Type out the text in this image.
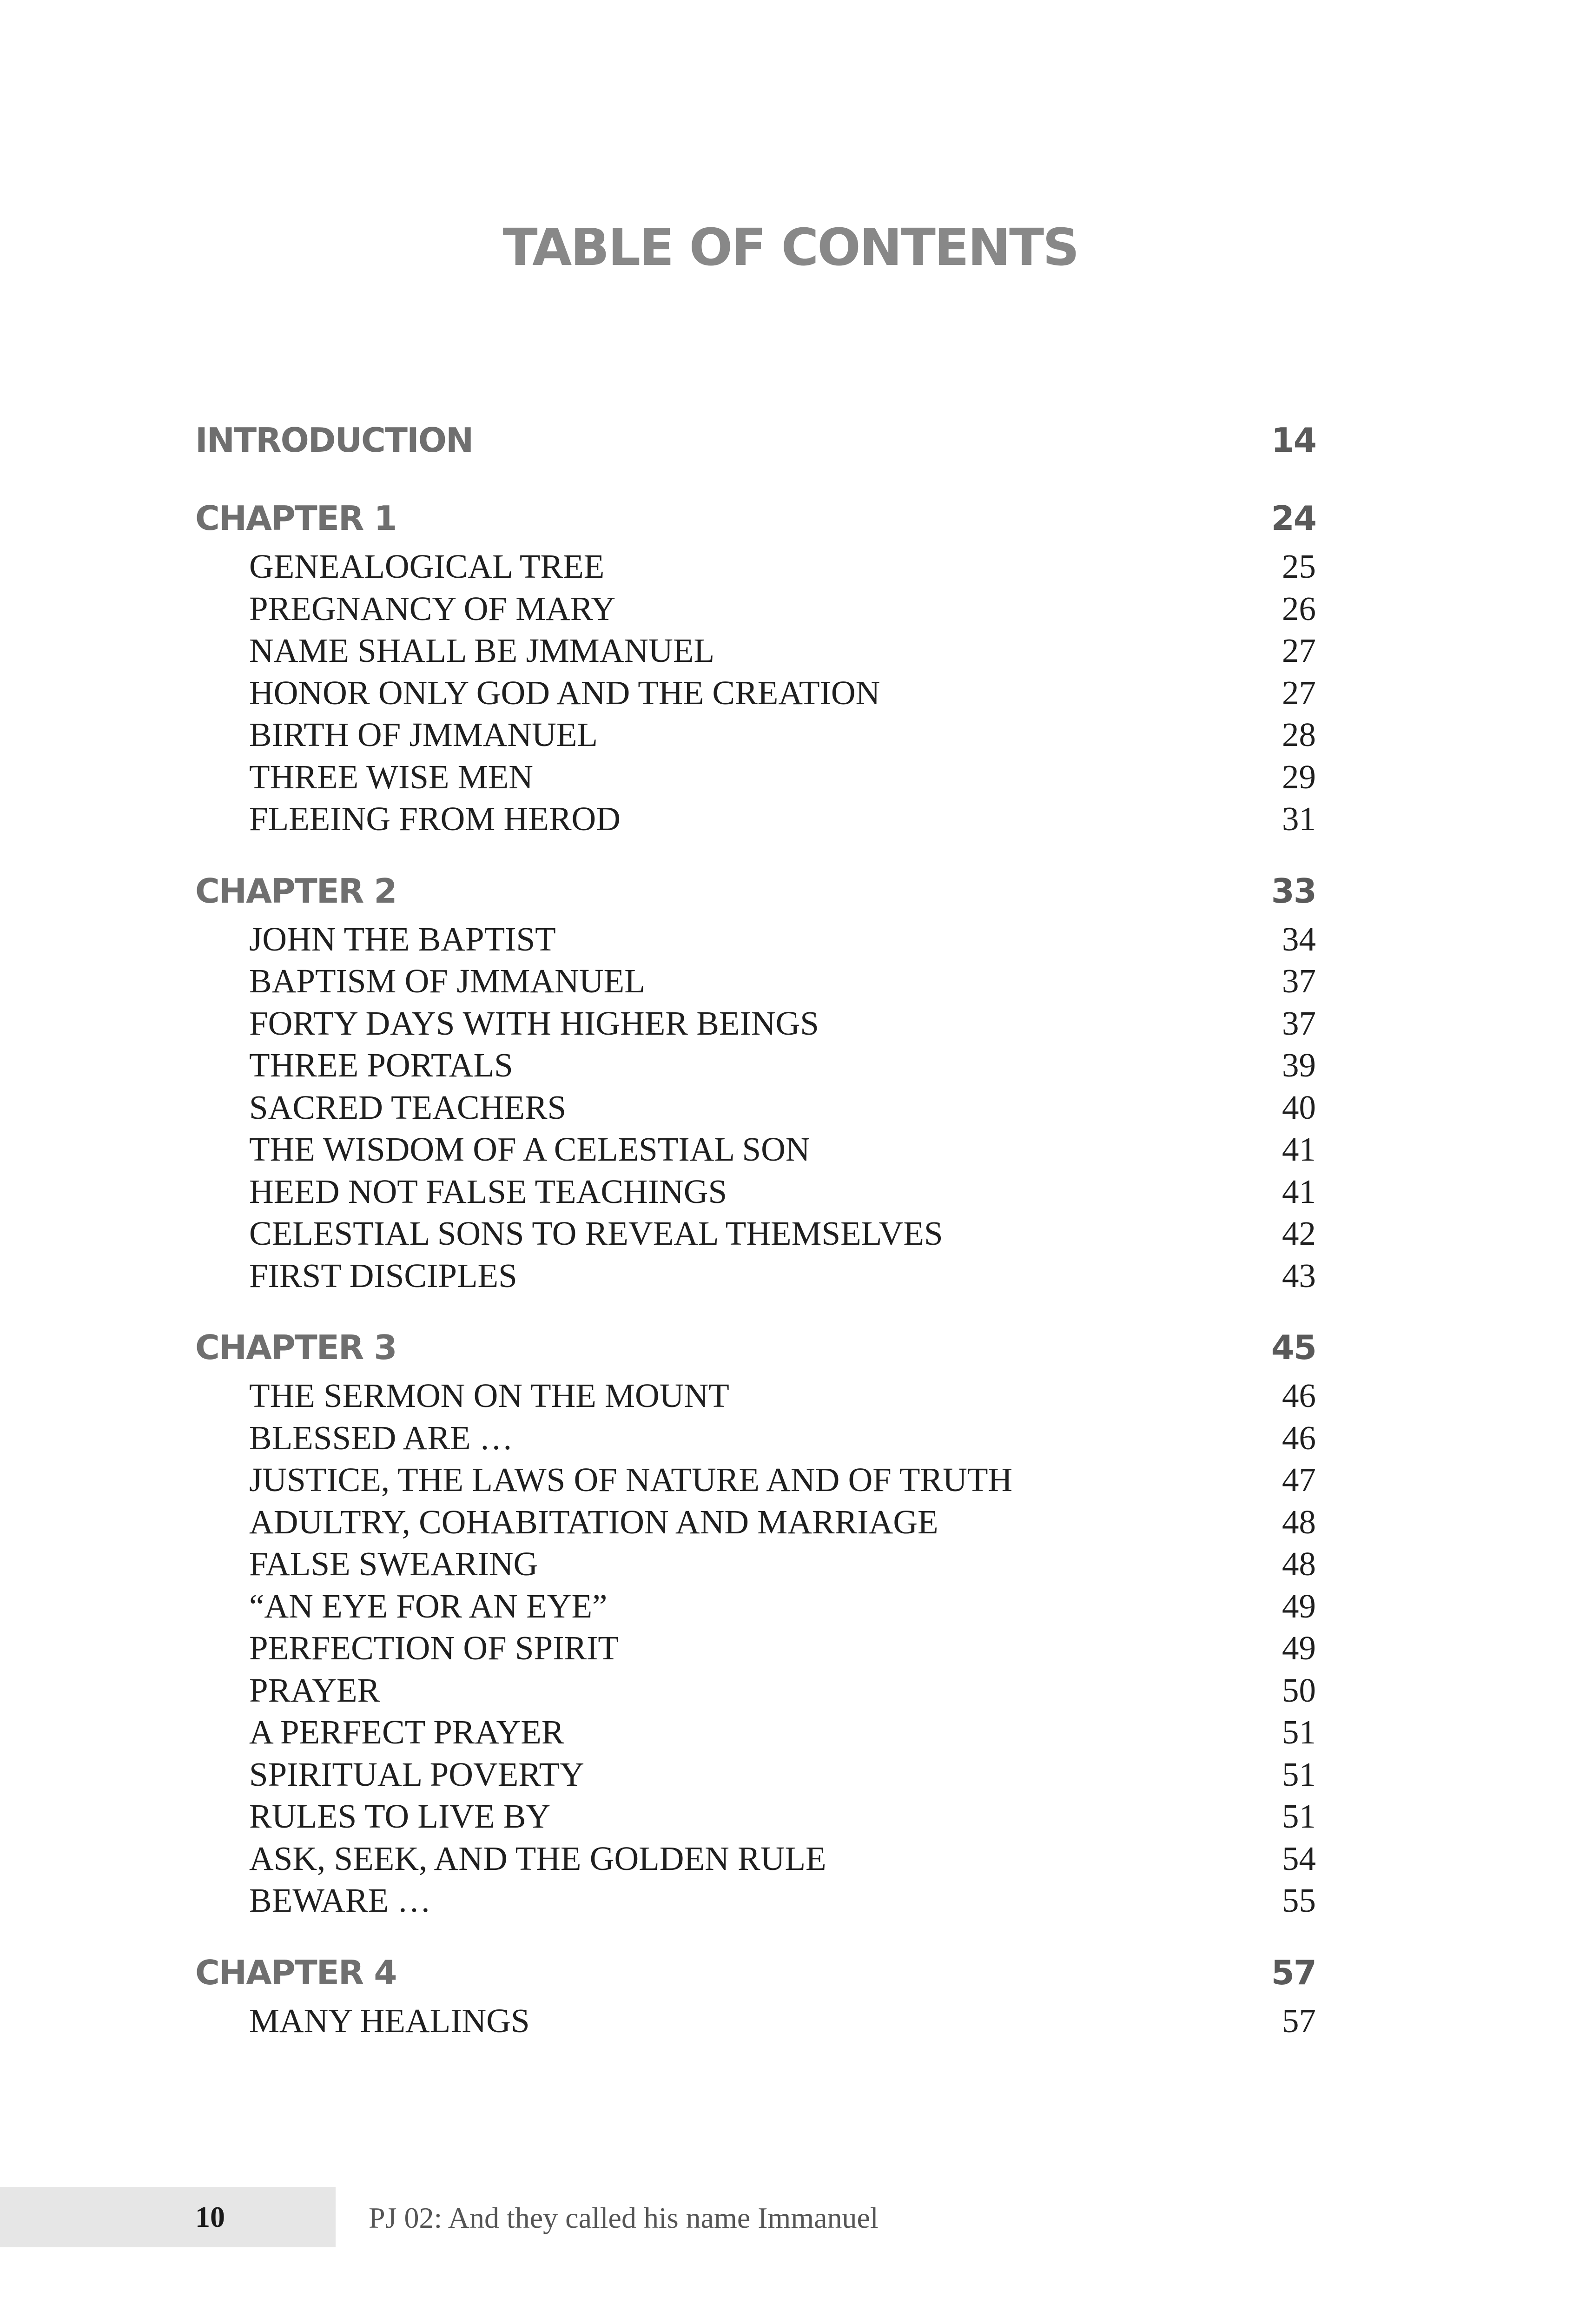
TABLE OF CONTENTS
INTRODUCTION	14
CHAPTER 1	24
GENEALOGICAL TREE	25
PREGNANCY OF MARY	26
NAME SHALL BE JMMANUEL	27
HONOR ONLY GOD AND THE CREATION	27
BIRTH OF JMMANUEL	28
THREE WISE MEN	29
FLEEING FROM HEROD	31
CHAPTER 2	33
JOHN THE BAPTIST	34
BAPTISM OF JMMANUEL	37
FORTY DAYS WITH HIGHER BEINGS	37
THREE PORTALS	39
SACRED TEACHERS	40
THE WISDOM OF A CELESTIAL SON	41
HEED NOT FALSE TEACHINGS	41
CELESTIAL SONS TO REVEAL THEMSELVES	42
FIRST DISCIPLES	43
CHAPTER 3	45
THE SERMON ON THE MOUNT	46
BLESSED ARE …	46
JUSTICE, THE LAWS OF NATURE AND OF TRUTH	47
ADULTRY, COHABITATION AND MARRIAGE	48
FALSE SWEARING	48
“AN EYE FOR AN EYE”	49
PERFECTION OF SPIRIT	49
PRAYER	50
A PERFECT PRAYER	51
SPIRITUAL POVERTY	51
RULES TO LIVE BY	51
ASK, SEEK, AND THE GOLDEN RULE	54
BEWARE …	55
CHAPTER 4	57
MANY HEALINGS	57
10	PJ 02: And they called his name Immanuel
